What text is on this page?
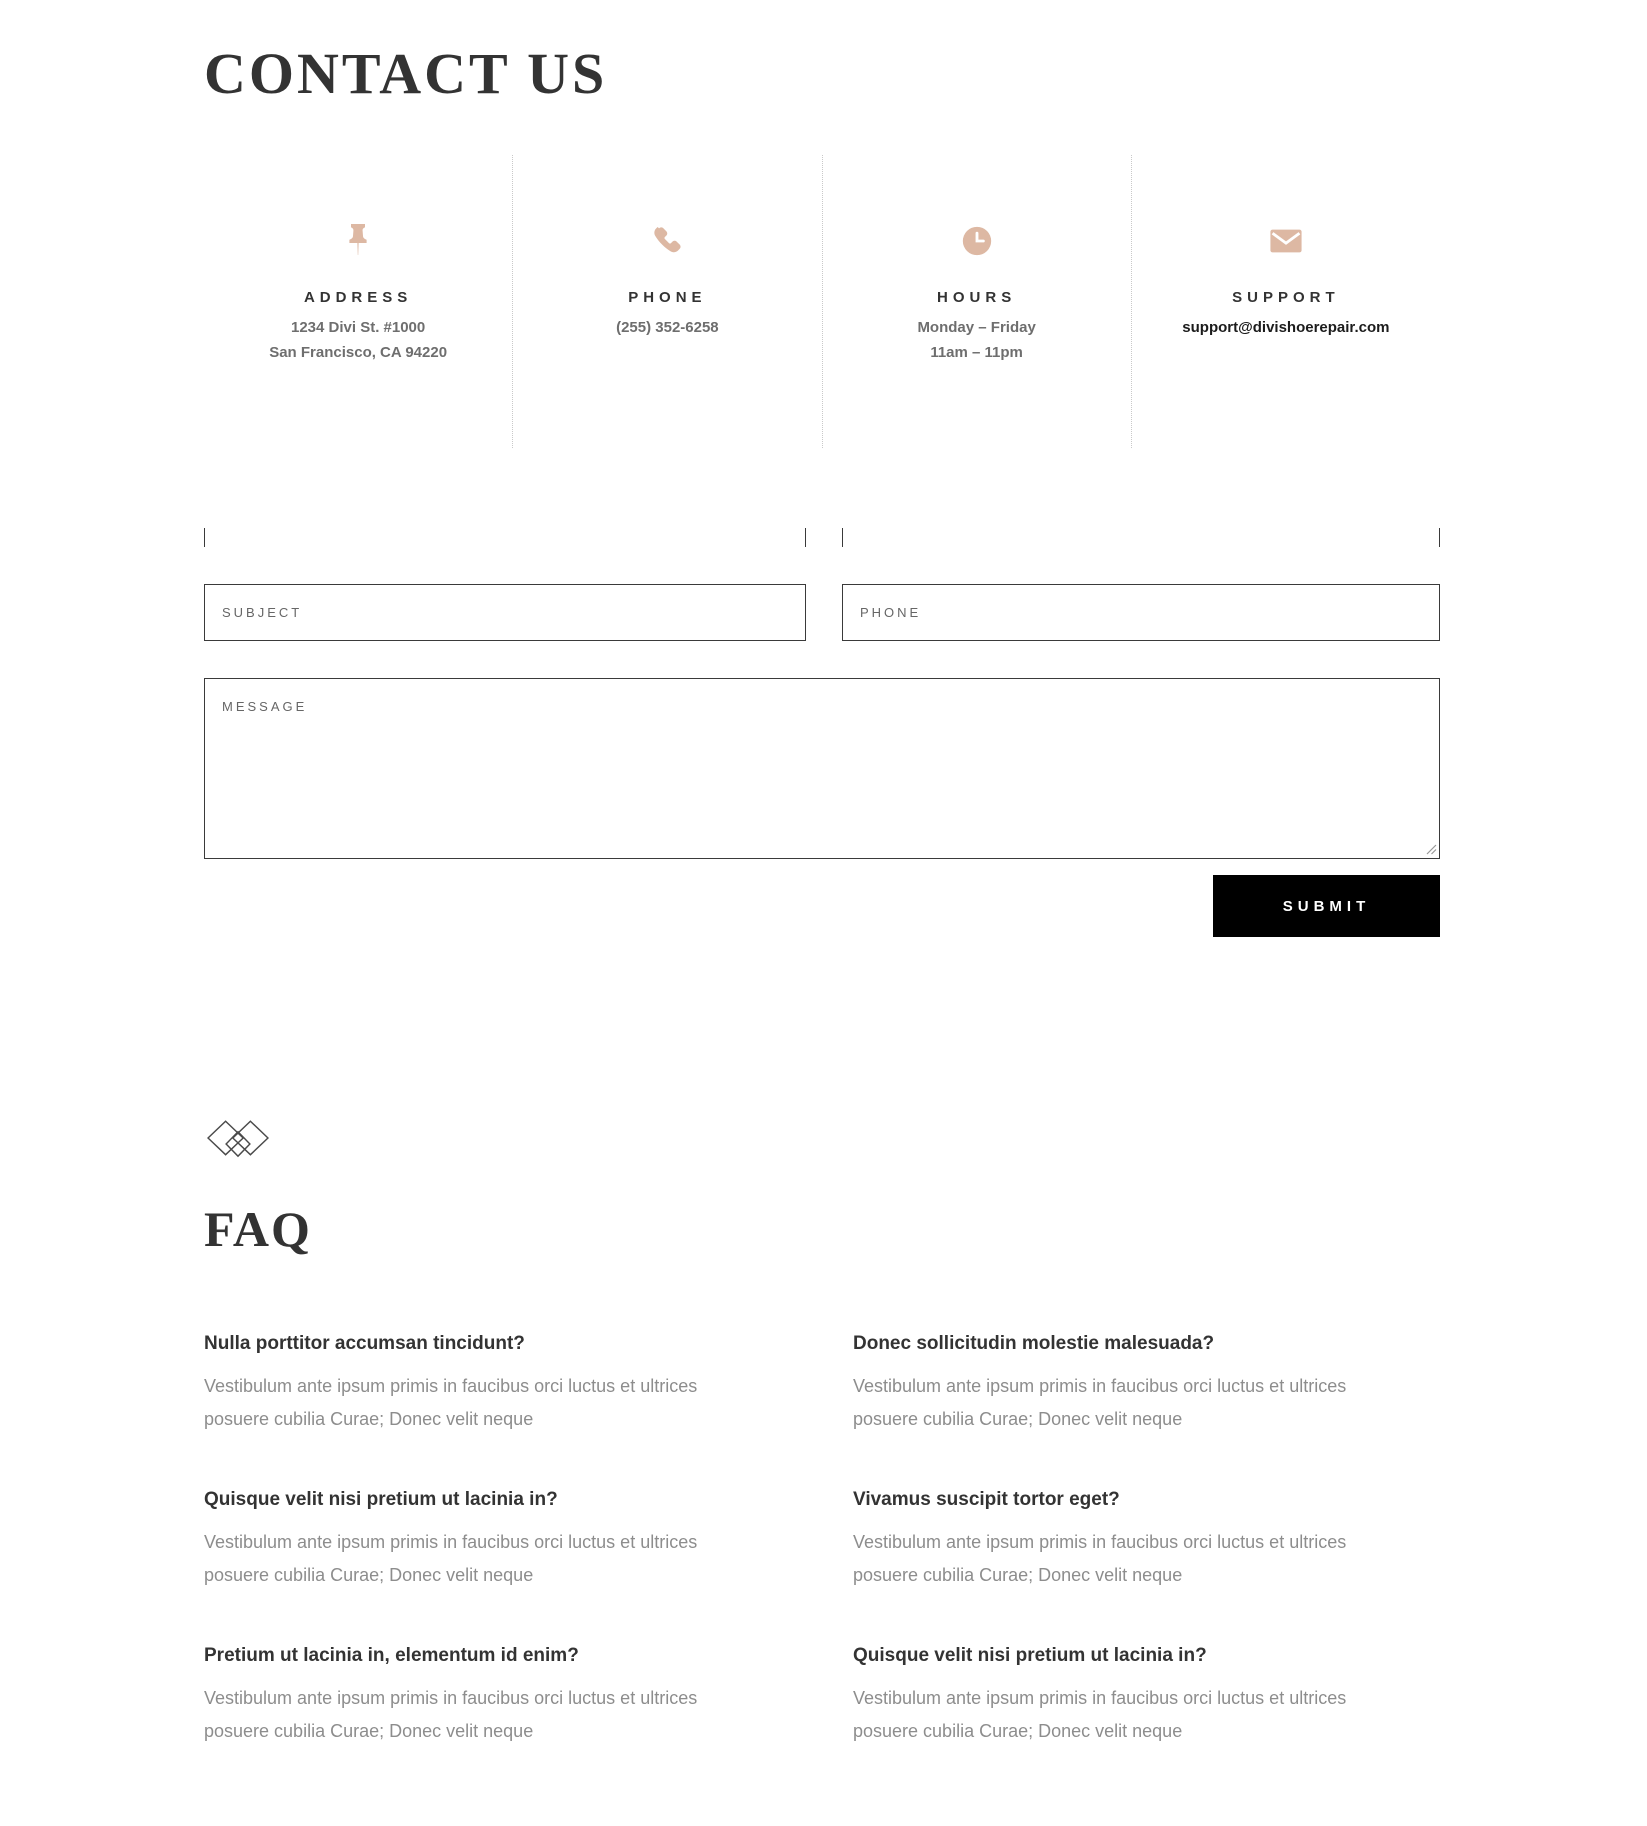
CONTACT US
ADDRESS
1234 Divi St. #1000
San Francisco, CA 94220
PHONE
(255) 352-6258
HOURS
Monday – Friday
11am – 11pm
SUPPORT
support@divishoerepair.com
SUBJECT
PHONE
MESSAGE
SUBMIT
FAQ
Nulla porttitor accumsan tincidunt?
Vestibulum ante ipsum primis in faucibus orci luctus et ultrices posuere cubilia Curae; Donec velit neque
Donec sollicitudin molestie malesuada?
Vestibulum ante ipsum primis in faucibus orci luctus et ultrices posuere cubilia Curae; Donec velit neque
Quisque velit nisi pretium ut lacinia in?
Vestibulum ante ipsum primis in faucibus orci luctus et ultrices posuere cubilia Curae; Donec velit neque
Vivamus suscipit tortor eget?
Vestibulum ante ipsum primis in faucibus orci luctus et ultrices posuere cubilia Curae; Donec velit neque
Pretium ut lacinia in, elementum id enim?
Vestibulum ante ipsum primis in faucibus orci luctus et ultrices posuere cubilia Curae; Donec velit neque
Quisque velit nisi pretium ut lacinia in?
Vestibulum ante ipsum primis in faucibus orci luctus et ultrices posuere cubilia Curae; Donec velit neque
